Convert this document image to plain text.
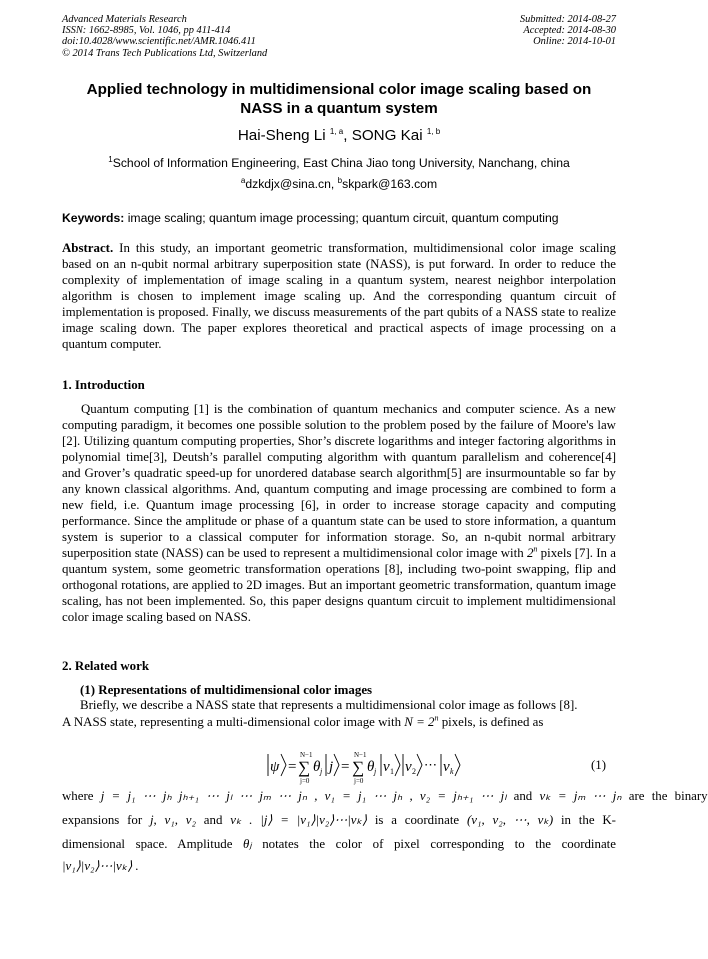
Advanced Materials Research
ISSN: 1662-8985, Vol. 1046, pp 411-414
doi:10.4028/www.scientific.net/AMR.1046.411
© 2014 Trans Tech Publications Ltd, Switzerland
Submitted: 2014-08-27
Accepted: 2014-08-30
Online: 2014-10-01
Applied technology in multidimensional color image scaling based on
NASS in a quantum system
Hai-Sheng Li $^{1, a}$, SONG Kai $^{1, b}$
$^1$School of Information Engineering, East China Jiao tong University, Nanchang, china
$^a$dzkdjx@sina.cn, $^b$skpark@163.com
Keywords: image scaling; quantum image processing; quantum circuit, quantum computing

Abstract. In this study, an important geometric transformation, multidimensional color image scaling based on an n-qubit normal arbitrary superposition state (NASS), is put forward. In order to reduce the complexity of implementation of image scaling in a quantum system, nearest neighbor interpolation algorithm is chosen to implement image scaling up. And the corresponding quantum circuit of implementation is proposed. Finally, we discuss measurements of the part qubits of a NASS state to realize image scaling down. The paper explores theoretical and practical aspects of image processing on a quantum computer.

1. Introduction

Quantum computing [1] is the combination of quantum mechanics and computer science. As a new computing paradigm, it becomes one possible solution to the problem posed by the failure of Moore's law [2]. Utilizing quantum computing properties, Shor’s discrete logarithms and integer factoring algorithms in polynomial time[3], Deutsh’s parallel computing algorithm with quantum parallelism and coherence[4] and Grover’s quadratic speed-up for unordered database search algorithm[5] are insurmountable so far by any known classical algorithms. And, quantum computing and image processing are combined to form a new field, i.e. Quantum image processing [6], in order to increase storage capacity and computing performance. Since the amplitude or phase of a quantum state can be used to store information, a quantum system is superior to a classical computer for information storage. So, an n-qubit normal arbitrary superposition state (NASS) can be used to represent a multidimensional color image with 2$^n$ pixels [7]. In a quantum system, some geometric transformation operations [8], including two-point swapping, flip and orthogonal rotations, are applied to 2D images. But an important geometric transformation, quantum image scaling, has not been implemented. So, this paper designs quantum circuit to implement multidimensional color image scaling based on NASS.

2. Related work
(1) Representations of multidimensional color images
Briefly, we describe a NASS state that represents a multidimensional color image as follows [8].
A NASS state, representing a multi-dimensional color image with $N = 2^n$ pixels, is defined as
ψ =
N−1
∑
j=0
θ j j =
N−1
∑
j=0
θ j v 1 v 2 ⋯ v k	(1)
where j = j₁ ⋯ jₕ jₕ₊₁ ⋯ jₗ ⋯ jₘ ⋯ jₙ , v₁ = j₁ ⋯ jₕ , v₂ = jₕ₊₁ ⋯ jₗ and vₖ = jₘ ⋯ jₙ are the binary
expansions for j, v₁, v₂ and vₖ . |j⟩ = |v₁⟩|v₂⟩⋯|vₖ⟩ is a coordinate (v₁, v₂, ⋯, vₖ) in the K-
dimensional space. Amplitude θⱼ notates the color of pixel corresponding to the coordinate
|v₁⟩|v₂⟩⋯|vₖ⟩ .
